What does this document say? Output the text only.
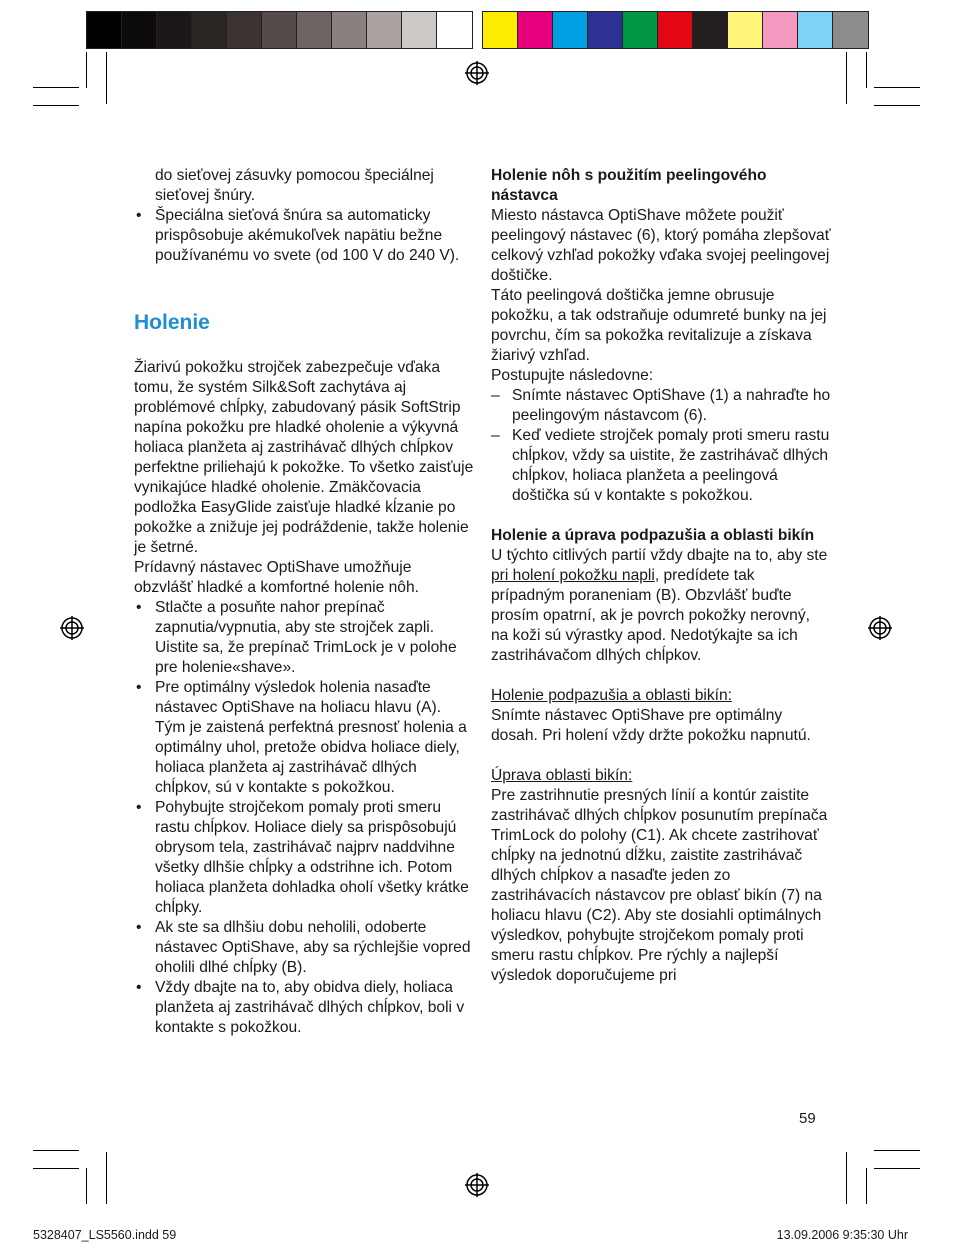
do sieťovej zásuvky pomocou špeciálnej sieťovej šnúry.

• Špeciálna sieťová šnúra sa automaticky prispôsobuje akémukoľvek napätiu bežne používanému vo svete (od 100 V do 240 V).
Holenie

Žiarivú pokožku strojček zabezpečuje vďaka tomu, že systém Silk&Soft zachytáva aj problémové chĺpky, zabudovaný pásik SoftStrip napína pokožku pre hladké oholenie a výkyvná holiaca planžeta aj zastrihávač dlhých chĺpkov perfektne priliehajú k pokožke. To všetko zaisťuje vynikajúce hladké oholenie. Zmäkčovacia podložka EasyGlide zaisťuje hladké kĺzanie po pokožke a znižuje jej podráždenie, takže holenie je šetrné.

Prídavný nástavec OptiShave umožňuje obzvlášť hladké a komfortné holenie nôh.

• Stlačte a posuňte nahor prepínač zapnutia/vypnutia, aby ste strojček zapli. Uistite sa, že prepínač TrimLock je v polohe pre holenie«shave».
• Pre optimálny výsledok holenia nasaďte nástavec OptiShave na holiacu hlavu (A). Tým je zaistená perfektná presnosť holenia a optimálny uhol, pretože obidva holiace diely, holiaca planžeta aj zastrihávač dlhých chĺpkov, sú v kontakte s pokožkou.
• Pohybujte strojčekom pomaly proti smeru rastu chĺpkov. Holiace diely sa prispôsobujú obrysom tela, zastrihávač najprv naddvihne všetky dlhšie chĺpky a odstrihne ich. Potom holiaca planžeta dohladka oholí všetky krátke chĺpky.
• Ak ste sa dlhšiu dobu neholili, odoberte nástavec OptiShave, aby sa rýchlejšie vopred oholili dlhé chĺpky (B).
• Vždy dbajte na to, aby obidva diely, holiaca planžeta aj zastrihávač dlhých chĺpkov, boli v kontakte s pokožkou.

Holenie nôh s použitím peelingového nástavca

Miesto nástavca OptiShave môžete použiť peelingový nástavec (6), ktorý pomáha zlepšovať celkový vzhľad pokožky vďaka svojej peelingovej doštičke.

Táto peelingová doštička jemne obrusuje pokožku, a tak odstraňuje odumreté bunky na jej povrchu, čím sa pokožka revitalizuje a získava žiarivý vzhľad.

Postupujte následovne:

– Snímte nástavec OptiShave (1) a nahraďte ho peelingovým nástavcom (6).
– Keď vediete strojček pomaly proti smeru rastu chĺpkov, vždy sa uistite, že zastrihávač dlhých chĺpkov, holiaca planžeta a peelingová doštička sú v kontakte s pokožkou.

Holenie a úprava podpazušia a oblasti bikín

U týchto citlivých partií vždy dbajte na to, aby ste pri holení pokožku napli, predídete tak prípadným poraneniam (B). Obzvlášť buďte prosím opatrní, ak je povrch pokožky nerovný, na koži sú výrastky apod. Nedotýkajte sa ich zastrihávačom dlhých chĺpkov.

Holenie podpazušia a oblasti bikín:

Snímte nástavec OptiShave pre optimálny dosah. Pri holení vždy držte pokožku napnutú.

Úprava oblasti bikín:

Pre zastrihnutie presných línií a kontúr zaistite zastrihávač dlhých chĺpkov posunutím prepínača TrimLock do polohy (C1). Ak chcete zastrihovať chĺpky na jednotnú dĺžku, zaistite zastrihávač dlhých chĺpkov a nasaďte jeden zo zastrihávacích nástavcov pre oblasť bikín (7) na holiacu hlavu (C2). Aby ste dosiahli optimálnych výsledkov, pohybujte strojčekom pomaly proti smeru rastu chĺpkov. Pre rýchly a najlepší výsledok doporučujeme pri

59
5328407_LS5560.indd 59	13.09.2006 9:35:30 Uhr
